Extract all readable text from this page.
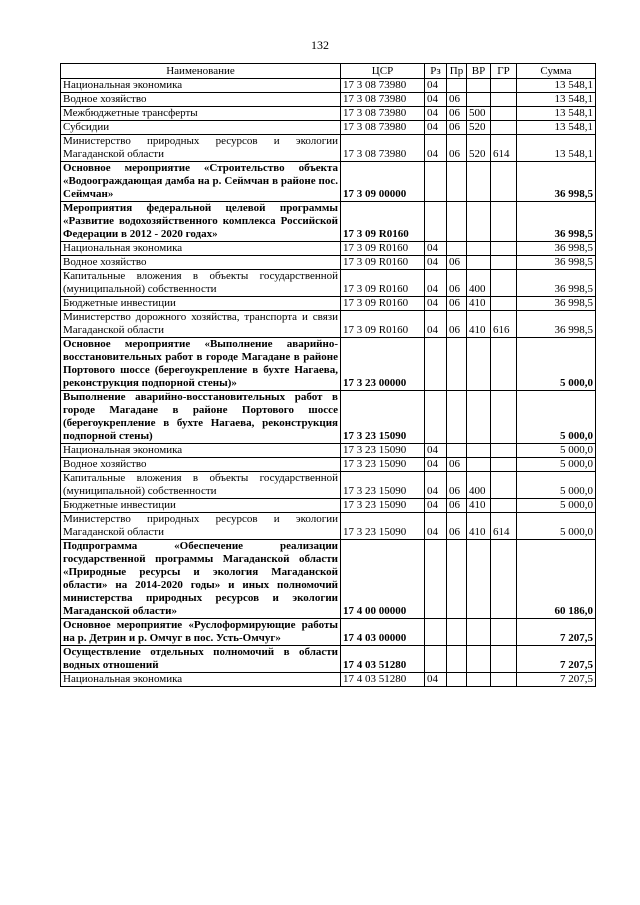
132
Наименование	ЦСР	Рз	Пр	ВР	ГР	Сумма
Национальная экономика	17 3 08 73980	04				13 548,1
Водное хозяйство	17 3 08 73980	04	06			13 548,1
Межбюджетные трансферты	17 3 08 73980	04	06	500		13 548,1
Субсидии	17 3 08 73980	04	06	520		13 548,1
Министерство природных ресурсов и экологии Магаданской области	17 3 08 73980	04	06	520	614	13 548,1
Основное мероприятие «Строительство объекта «Водоограждающая дамба на р. Сеймчан в районе пос. Сеймчан»	17 3 09 00000					36 998,5
Мероприятия федеральной целевой программы «Развитие водохозяйственного комплекса Российской Федерации в 2012 - 2020 годах»	17 3 09 R0160					36 998,5
Национальная экономика	17 3 09 R0160	04				36 998,5
Водное хозяйство	17 3 09 R0160	04	06			36 998,5
Капитальные вложения в объекты государственной (муниципальной) собственности	17 3 09 R0160	04	06	400		36 998,5
Бюджетные инвестиции	17 3 09 R0160	04	06	410		36 998,5
Министерство дорожного хозяйства, транспорта и связи Магаданской области	17 3 09 R0160	04	06	410	616	36 998,5
Основное мероприятие «Выполнение аварийно-восстановительных работ в городе Магадане в районе Портового шоссе (берегоукрепление в бухте Нагаева, реконструкция подпорной стены)»	17 3 23 00000					5 000,0
Выполнение аварийно-восстановительных работ в городе Магадане в районе Портового шоссе (берегоукрепление в бухте Нагаева, реконструкция подпорной стены)	17 3 23 15090					5 000,0
Национальная экономика	17 3 23 15090	04				5 000,0
Водное хозяйство	17 3 23 15090	04	06			5 000,0
Капитальные вложения в объекты государственной (муниципальной) собственности	17 3 23 15090	04	06	400		5 000,0
Бюджетные инвестиции	17 3 23 15090	04	06	410		5 000,0
Министерство природных ресурсов и экологии Магаданской области	17 3 23 15090	04	06	410	614	5 000,0
Подпрограмма «Обеспечение реализации государственной программы Магаданской области «Природные ресурсы и экология Магаданской области» на 2014-2020 годы» и иных полномочий министерства природных ресурсов и экологии Магаданской области»	17 4 00 00000					60 186,0
Основное мероприятие «Руслоформирующие работы на р. Детрин и р. Омчуг в пос. Усть-Омчуг»	17 4 03 00000					7 207,5
Осуществление отдельных полномочий в области водных отношений	17 4 03 51280					7 207,5
Национальная экономика	17 4 03 51280	04				7 207,5
